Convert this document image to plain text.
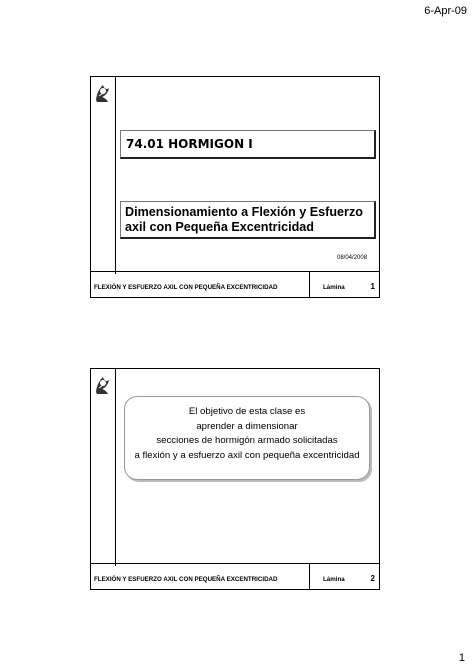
6-Apr-09
74.01 HORMIGON I
Dimensionamiento a Flexión y Esfuerzo
axil con Pequeña Excentricidad
08/04/2008
FLEXIÓN Y ESFUERZO AXIL CON PEQUEÑA EXCENTRICIDAD	Lámina	1
El objetivo de esta clase es
aprender a dimensionar
secciones de hormigón armado solicitadas
a flexión y a esfuerzo axil con pequeña excentricidad
FLEXIÓN Y ESFUERZO AXIL CON PEQUEÑA EXCENTRICIDAD	Lámina	2
1
